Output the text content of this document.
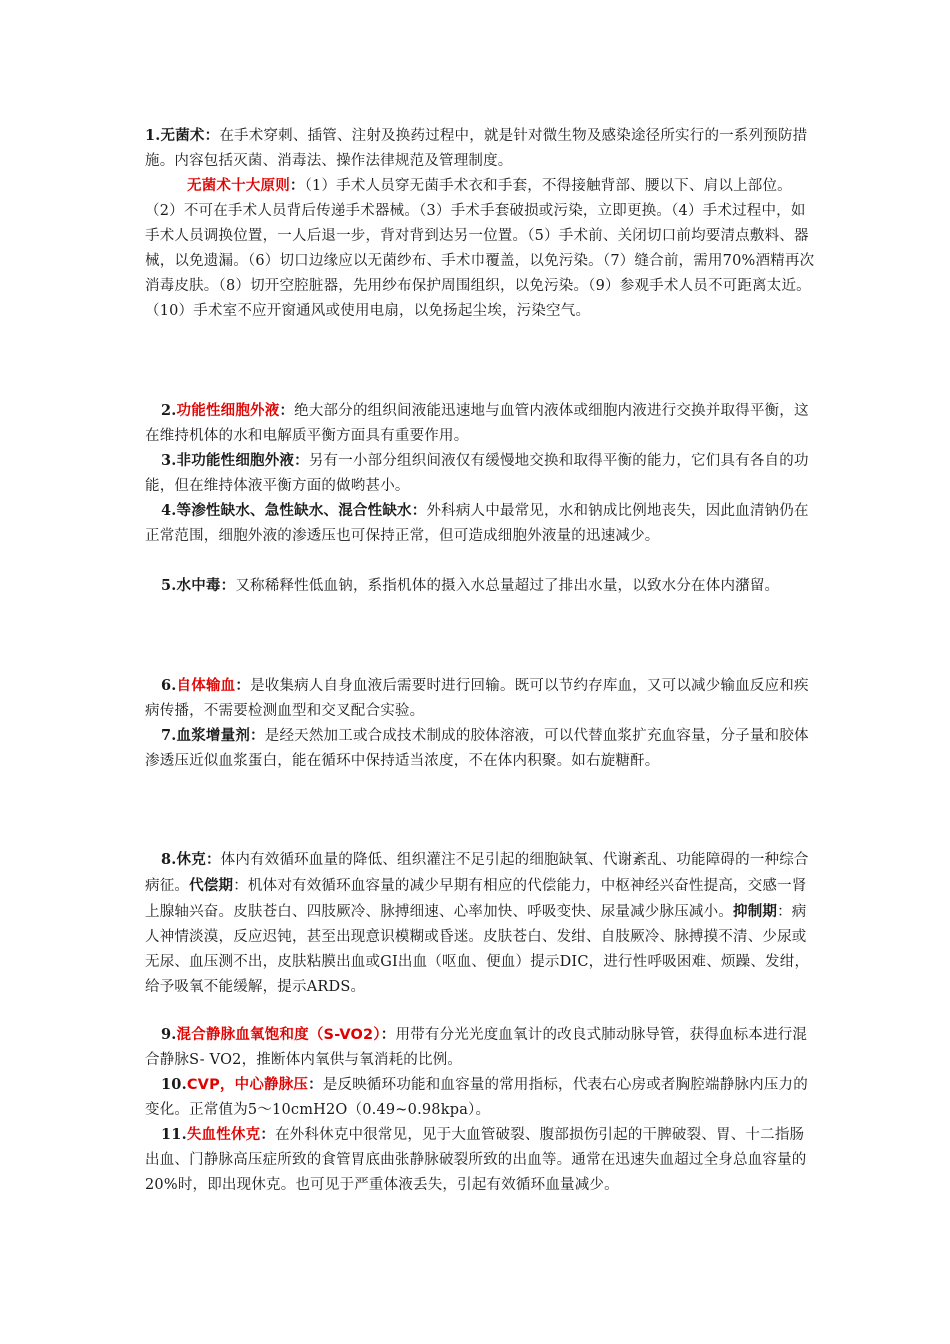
1.无菌术：在手术穿刺、插管、注射及换药过程中，就是针对微生物及感染途径所实行的一系列预防措施。内容包括灭菌、消毒法、操作法律规范及管理制度。

无菌术十大原则：（1）手术人员穿无菌手术衣和手套，不得接触背部、腰以下、肩以上部位。（2）不可在手术人员背后传递手术器械。（3）手术手套破损或污染，立即更换。（4）手术过程中，如手术人员调换位置，一人后退一步，背对背到达另一位置。（5）手术前、关闭切口前均要清点敷料、器械，以免遗漏。（6）切口边缘应以无菌纱布、手术巾覆盖，以免污染。（7）缝合前，需用70%酒精再次消毒皮肤。（8）切开空腔脏器，先用纱布保护周围组织，以免污染。（9）参观手术人员不可距离太近。（10）手术室不应开窗通风或使用电扇，以免扬起尘埃，污染空气。

2.功能性细胞外液：绝大部分的组织间液能迅速地与血管内液体或细胞内液进行交换并取得平衡，这在维持机体的水和电解质平衡方面具有重要作用。

3.非功能性细胞外液：另有一小部分组织间液仅有缓慢地交换和取得平衡的能力，它们具有各自的功能，但在维持体液平衡方面的做哟甚小。

4.等渗性缺水、急性缺水、混合性缺水：外科病人中最常见，水和钠成比例地丧失，因此血清钠仍在正常范围，细胞外液的渗透压也可保持正常，但可造成细胞外液量的迅速减少。

5.水中毒：又称稀释性低血钠，系指机体的摄入水总量超过了排出水量，以致水分在体内潴留。

6.自体输血：是收集病人自身血液后需要时进行回输。既可以节约存库血，又可以减少输血反应和疾病传播，不需要检测血型和交叉配合实验。

7.血浆增量剂：是经天然加工或合成技术制成的胶体溶液，可以代替血浆扩充血容量，分子量和胶体渗透压近似血浆蛋白，能在循环中保持适当浓度，不在体内积聚。如右旋糖酐。

8.休克：体内有效循环血量的降低、组织灌注不足引起的细胞缺氧、代谢紊乱、功能障碍的一种综合病征。代偿期：机体对有效循环血容量的减少早期有相应的代偿能力，中枢神经兴奋性提高，交感一肾上腺轴兴奋。皮肤苍白、四肢厥冷、脉搏细速、心率加快、呼吸变快、尿量减少脉压减小。抑制期：病人神情淡漠，反应迟钝，甚至出现意识模糊或昏迷。皮肤苍白、发绀、自肢厥冷、脉搏摸不清、少尿或无尿、血压测不出，皮肤粘膜出血或GI出血（呕血、便血）提示DIC，进行性呼吸困难、烦躁、发绀，给予吸氧不能缓解，提示ARDS。

9.混合静脉血氧饱和度（S-VO2）：用带有分光光度血氧计的改良式肺动脉导管，获得血标本进行混合静脉S- VO2，推断体内氧供与氧消耗的比例。

10.CVP，中心静脉压：是反映循环功能和血容量的常用指标，代表右心房或者胸腔端静脉内压力的变化。正常值为5～10cmH2O（0.49~0.98kpa）。

11.失血性休克：在外科休克中很常见，见于大血管破裂、腹部损伤引起的干脾破裂、胃、十二指肠出血、门静脉高压症所致的食管胃底曲张静脉破裂所致的出血等。通常在迅速失血超过全身总血容量的20%时，即出现休克。也可见于严重体液丢失，引起有效循环血量减少。
